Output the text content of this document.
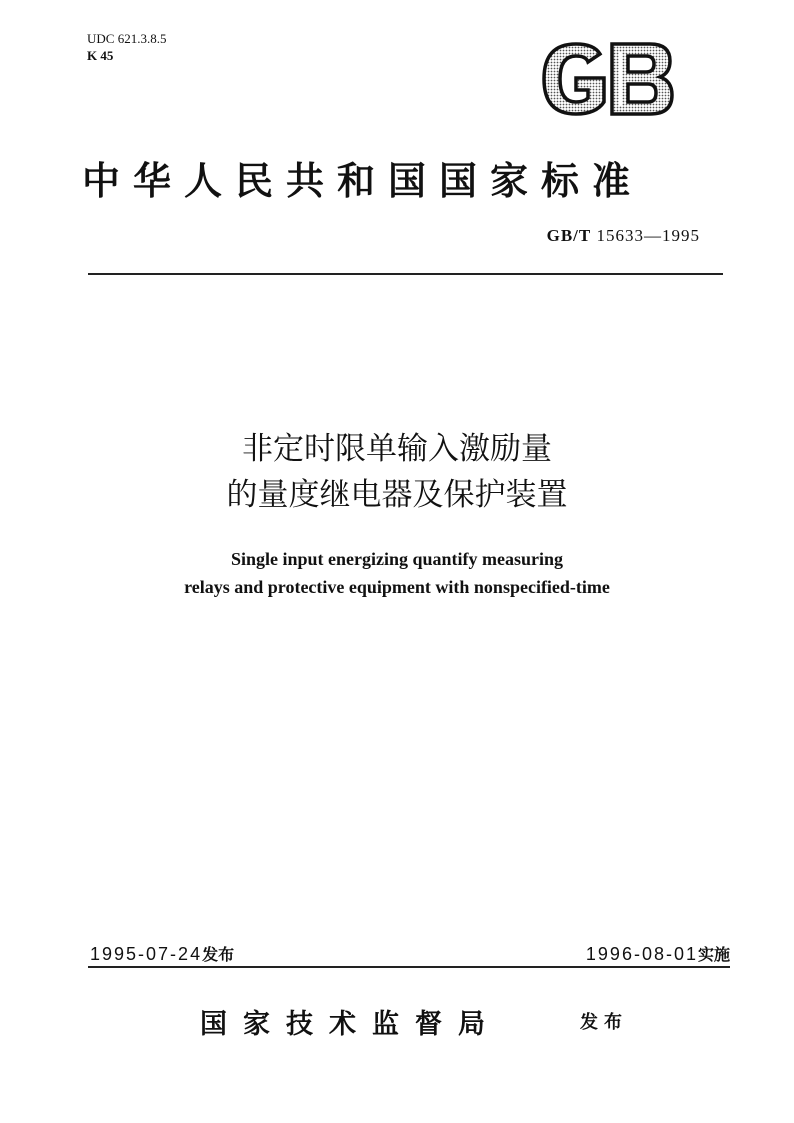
UDC 621.3.8.5
K 45
中华人民共和国国家标准
GB/T 15633—1995
非定时限单输入激励量
的量度继电器及保护装置
Single input energizing quantify measuring
relays and protective equipment with nonspecified-time
1995-07-24发布	1996-08-01实施
国家技术监督局	发布
